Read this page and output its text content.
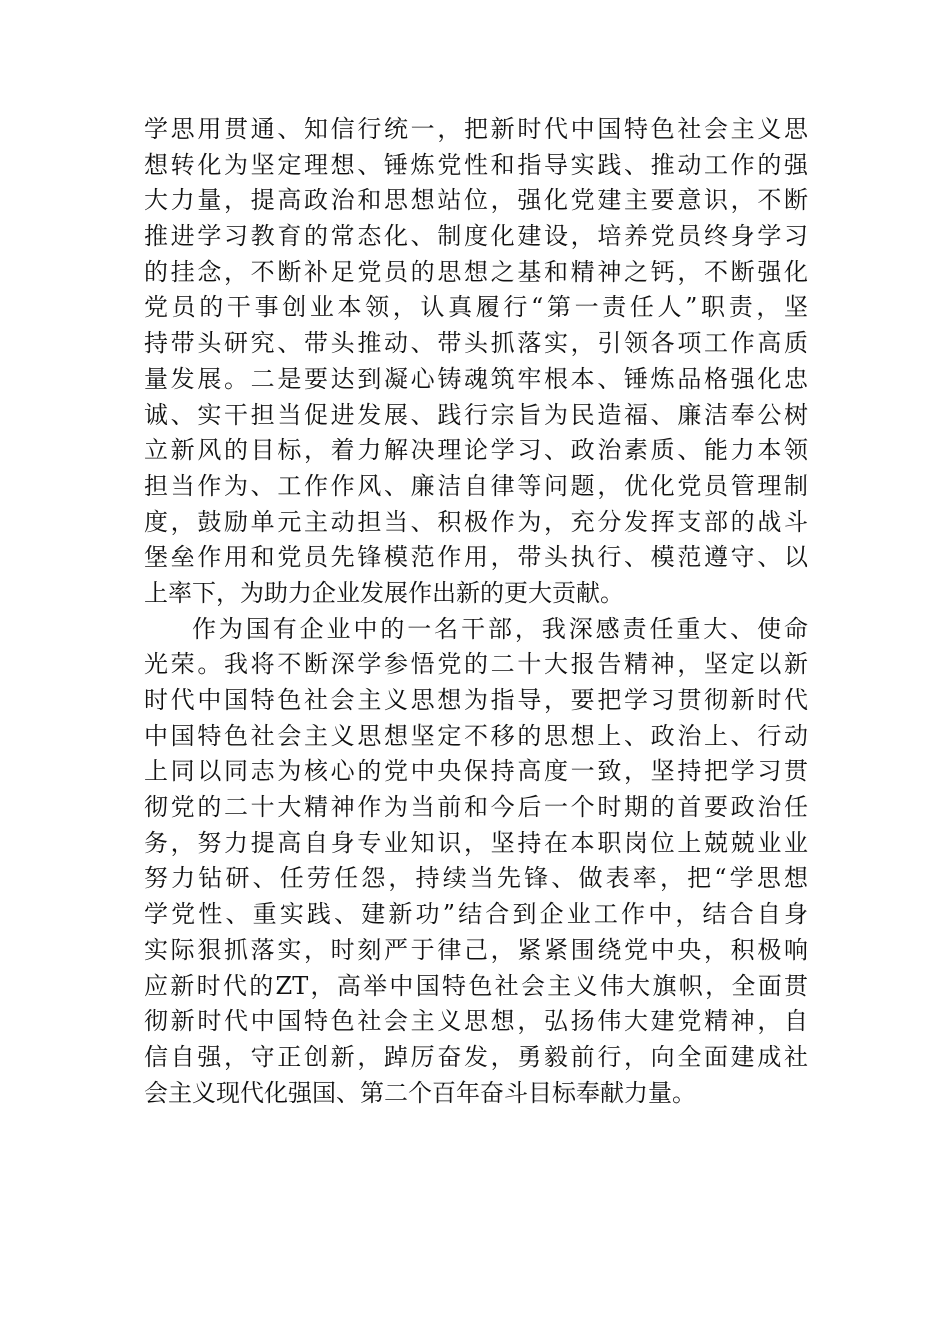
学思用贯通、知信行统一，把新时代中国特色社会主义思
想转化为坚定理想、锤炼党性和指导实践、推动工作的强
大力量，提高政治和思想站位，强化党建主要意识，不断
推进学习教育的常态化、制度化建设，培养党员终身学习
的挂念，不断补足党员的思想之基和精神之钙，不断强化
党员的干事创业本领，认真履行“第一责任人”职责，坚
持带头研究、带头推动、带头抓落实，引领各项工作高质
量发展。二是要达到凝心铸魂筑牢根本、锤炼品格强化忠
诚、实干担当促进发展、践行宗旨为民造福、廉洁奉公树
立新风的目标，着力解决理论学习、政治素质、能力本领
担当作为、工作作风、廉洁自律等问题，优化党员管理制
度，鼓励单元主动担当、积极作为，充分发挥支部的战斗
堡垒作用和党员先锋模范作用，带头执行、模范遵守、以
上率下，为助力企业发展作出新的更大贡献。
作为国有企业中的一名干部，我深感责任重大、使命
光荣。我将不断深学参悟党的二十大报告精神，坚定以新
时代中国特色社会主义思想为指导，要把学习贯彻新时代
中国特色社会主义思想坚定不移的思想上、政治上、行动
上同以同志为核心的党中央保持高度一致，坚持把学习贯
彻党的二十大精神作为当前和今后一个时期的首要政治任
务，努力提高自身专业知识，坚持在本职岗位上兢兢业业
努力钻研、任劳任怨，持续当先锋、做表率，把“学思想
学党性、重实践、建新功”结合到企业工作中，结合自身
实际狠抓落实，时刻严于律己，紧紧围绕党中央，积极响
应新时代的ZT，高举中国特色社会主义伟大旗帜，全面贯
彻新时代中国特色社会主义思想，弘扬伟大建党精神，自
信自强，守正创新，踔厉奋发，勇毅前行，向全面建成社
会主义现代化强国、第二个百年奋斗目标奉献力量。
